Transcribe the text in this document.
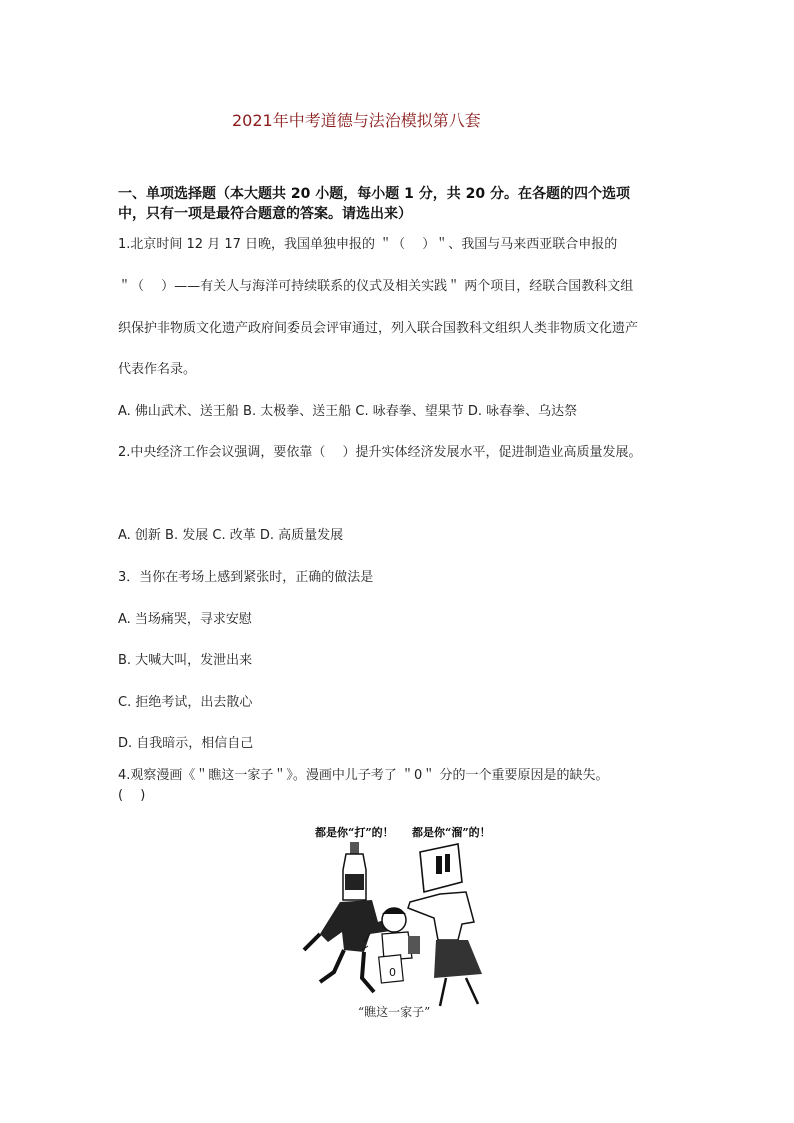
2021年中考道德与法治模拟第八套
一、单项选择题（本大题共 20 小题，每小题 1 分，共 20 分。在各题的四个选项
中，只有一项是最符合题意的答案。请选出来）
1.北京时间 12 月 17 日晚，我国单独申报的 ＂（　 ）＂、我国与马来西亚联合申报的
＂（　 ）——有关人与海洋可持续联系的仪式及相关实践＂ 两个项目，经联合国教科文组
织保护非物质文化遗产政府间委员会评审通过，列入联合国教科文组织人类非物质文化遗产
代表作名录。
A. 佛山武术、送王船 B. 太极拳、送王船 C. 咏春拳、望果节 D. 咏春拳、乌达祭
2.中央经济工作会议强调，要依靠（　 ）提升实体经济发展水平，促进制造业高质量发展。
A. 创新 B. 发展 C. 改革 D. 高质量发展
3．当你在考场上感到紧张时，正确的做法是
A. 当场痛哭，寻求安慰
B. 大喊大叫，发泄出来
C. 拒绝考试，出去散心
D. 自我暗示，相信自己
4.观察漫画《＂瞧这一家子＂》。漫画中儿子考了 ＂0＂ 分的一个重要原因是的缺失。
(　 )
都是你“打”的！ 都是你“溜”的！
0
“瞧这一家子”
